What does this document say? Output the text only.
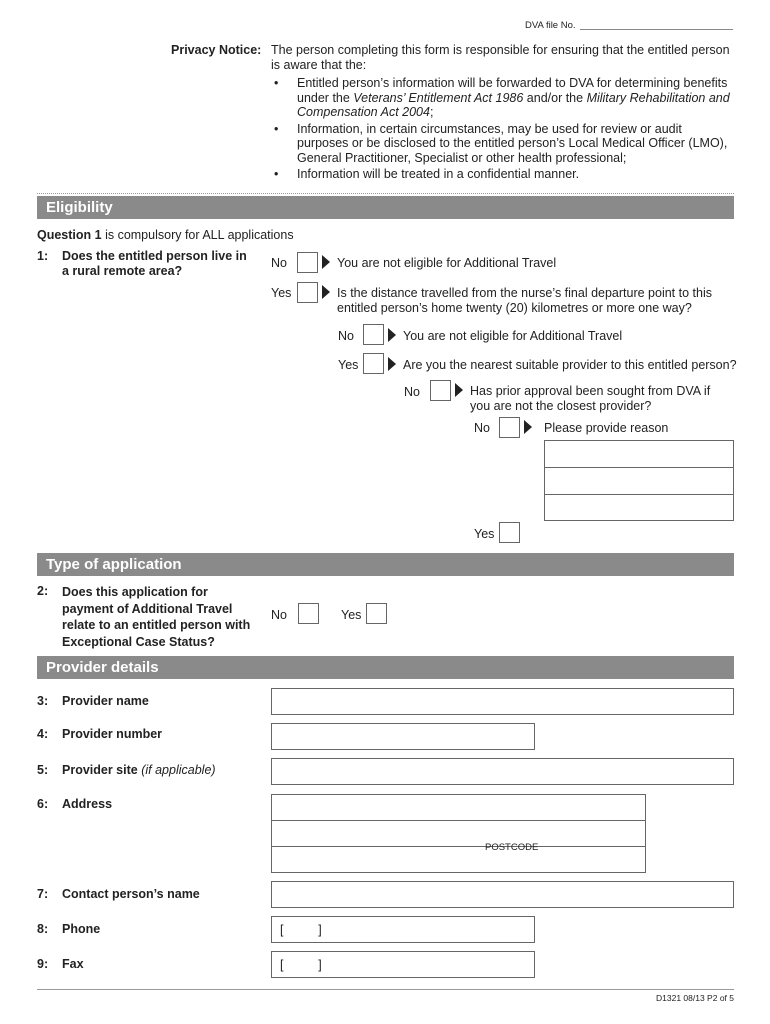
DVA file No.
Privacy Notice: The person completing this form is responsible for ensuring that the entitled person is aware that the:
• Entitled person’s information will be forwarded to DVA for determining benefits under the Veterans’ Entitlement Act 1986 and/or the Military Rehabilitation and Compensation Act 2004;
• Information, in certain circumstances, may be used for review or audit purposes or be disclosed to the entitled person’s Local Medical Officer (LMO), General Practitioner, Specialist or other health professional;
• Information will be treated in a confidential manner.
Eligibility
Question 1 is compulsory for ALL applications
1: Does the entitled person live in a rural remote area?
No	You are not eligible for Additional Travel
Yes	Is the distance travelled from the nurse’s final departure point to this entitled person’s home twenty (20) kilometres or more one way?
No	You are not eligible for Additional Travel
Yes	Are you the nearest suitable provider to this entitled person?
No	Has prior approval been sought from DVA if you are not the closest provider?
No	Please provide reason
Yes
Type of application
2: Does this application for payment of Additional Travel relate to an entitled person with Exceptional Case Status?
No	Yes
Provider details
3: Provider name
4: Provider number
5: Provider site (if applicable)
6: Address
POSTCODE
7: Contact person’s name
8: Phone	[          ]
9: Fax	[          ]
D1321 08/13 P2 of 5
